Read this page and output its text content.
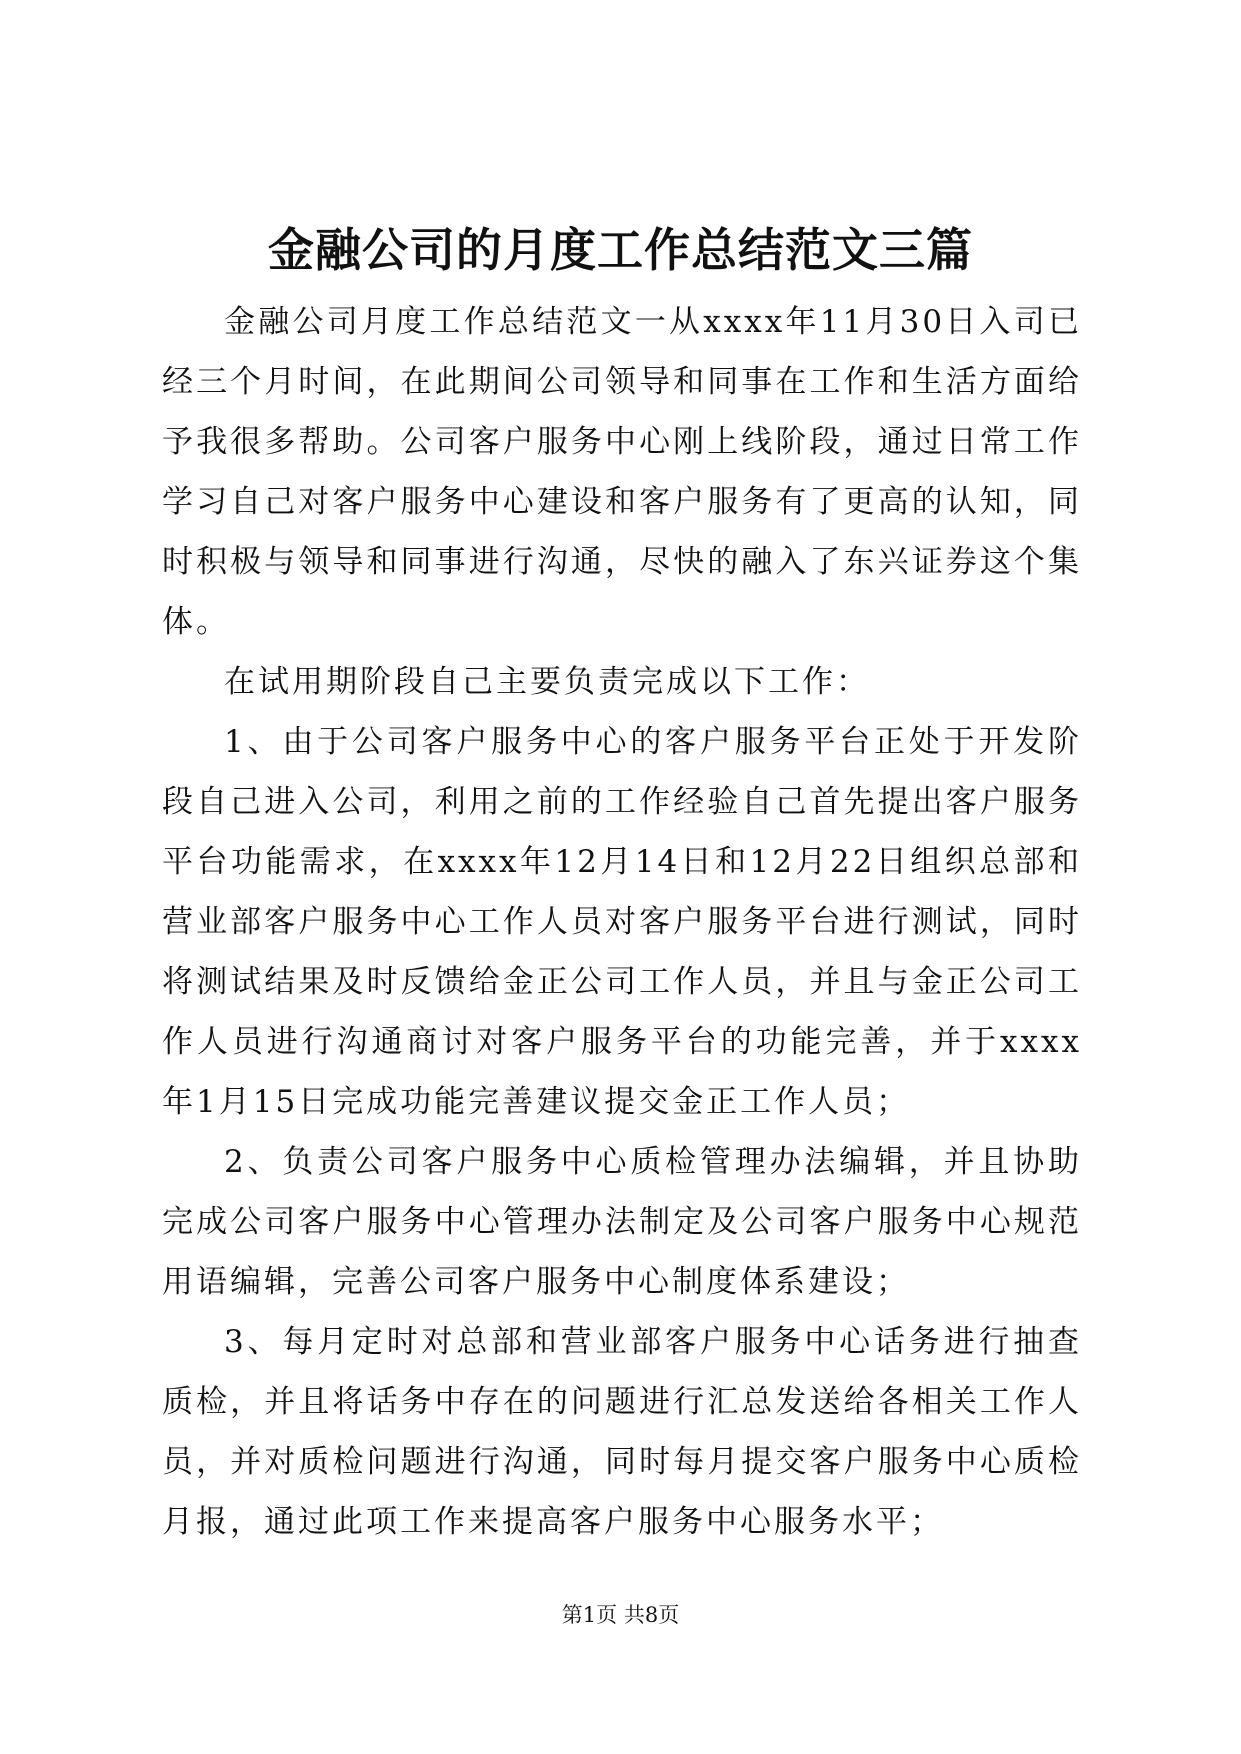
金融公司的月度工作总结范文三篇

金融公司月度工作总结范文一从xxxx年11月30日入司已经三个月时间，在此期间公司领导和同事在工作和生活方面给予我很多帮助。公司客户服务中心刚上线阶段，通过日常工作学习自己对客户服务中心建设和客户服务有了更高的认知，同时积极与领导和同事进行沟通，尽快的融入了东兴证券这个集体。

在试用期阶段自己主要负责完成以下工作：

1、由于公司客户服务中心的客户服务平台正处于开发阶段自己进入公司，利用之前的工作经验自己首先提出客户服务平台功能需求，在xxxx年12月14日和12月22日组织总部和营业部客户服务中心工作人员对客户服务平台进行测试，同时将测试结果及时反馈给金正公司工作人员，并且与金正公司工作人员进行沟通商讨对客户服务平台的功能完善，并于xxxx年1月15日完成功能完善建议提交金正工作人员；

2、负责公司客户服务中心质检管理办法编辑，并且协助完成公司客户服务中心管理办法制定及公司客户服务中心规范用语编辑，完善公司客户服务中心制度体系建设；

3、每月定时对总部和营业部客户服务中心话务进行抽查质检，并且将话务中存在的问题进行汇总发送给各相关工作人员，并对质检问题进行沟通，同时每月提交客户服务中心质检月报，通过此项工作来提高客户服务中心服务水平；

第1页 共8页
